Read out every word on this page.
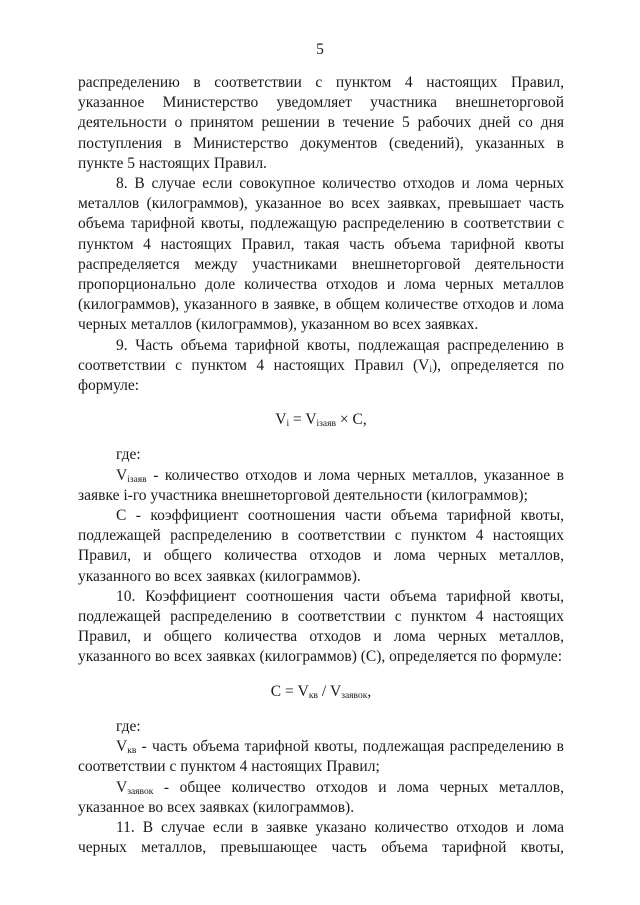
5

распределению в соответствии с пунктом 4 настоящих Правил, указанное Министерство уведомляет участника внешнеторговой деятельности о принятом решении в течение 5 рабочих дней со дня поступления в Министерство документов (сведений), указанных в пункте 5 настоящих Правил.

8. В случае если совокупное количество отходов и лома черных металлов (килограммов), указанное во всех заявках, превышает часть объема тарифной квоты, подлежащую распределению в соответствии с пунктом 4 настоящих Правил, такая часть объема тарифной квоты распределяется между участниками внешнеторговой деятельности пропорционально доле количества отходов и лома черных металлов (килограммов), указанного в заявке, в общем количестве отходов и лома черных металлов (килограммов), указанном во всех заявках.

9. Часть объема тарифной квоты, подлежащая распределению в соответствии с пунктом 4 настоящих Правил $(V_i)$, определяется по формуле:

$V_i = V_{iзаяв} \times С$,

где:

$V_{iзаяв}$ - количество отходов и лома черных металлов, указанное в заявке i-го участника внешнеторговой деятельности (килограммов);

С - коэффициент соотношения части объема тарифной квоты, подлежащей распределению в соответствии с пунктом 4 настоящих Правил, и общего количества отходов и лома черных металлов, указанного во всех заявках (килограммов).

10. Коэффициент соотношения части объема тарифной квоты, подлежащей распределению в соответствии с пунктом 4 настоящих Правил, и общего количества отходов и лома черных металлов, указанного во всех заявках (килограммов) (С), определяется по формуле:

$С = V_{кв} / V_{заявок}$,

где:

$V_{кв}$ - часть объема тарифной квоты, подлежащая распределению в соответствии с пунктом 4 настоящих Правил;

$V_{заявок}$ - общее количество отходов и лома черных металлов, указанное во всех заявках (килограммов).

11. В случае если в заявке указано количество отходов и лома черных металлов, превышающее часть объема тарифной квоты,
